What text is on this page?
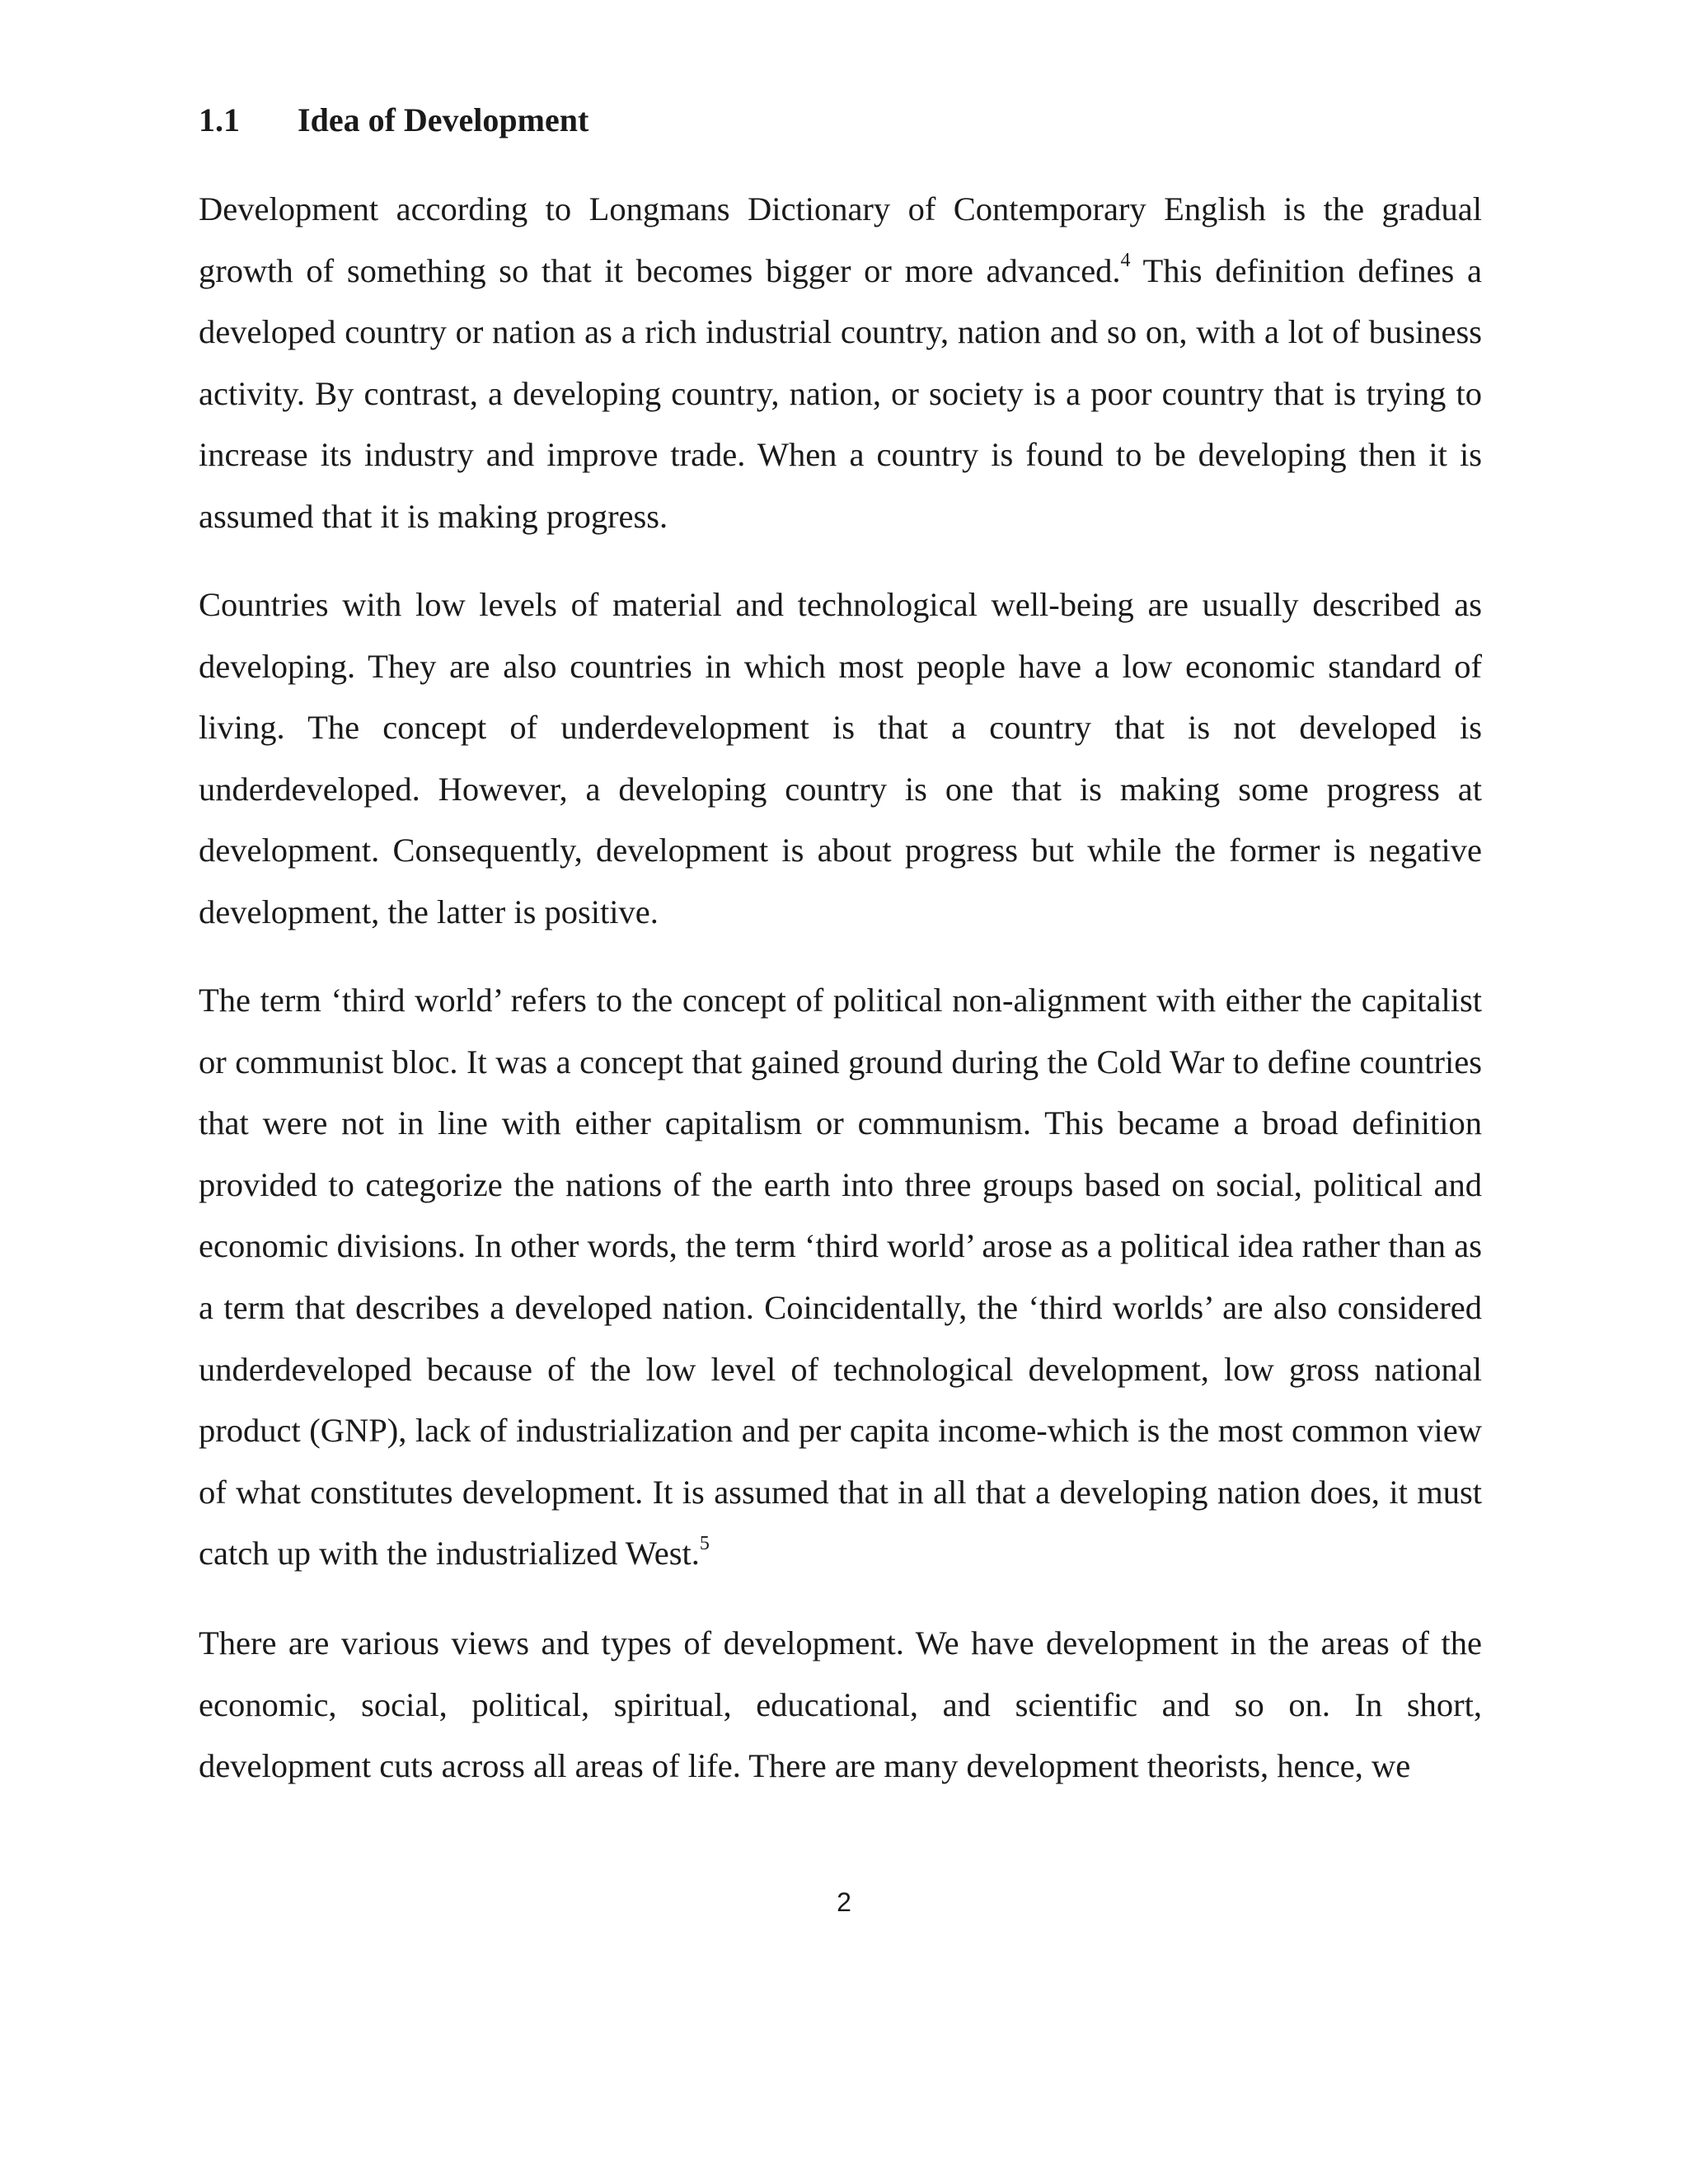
1.1 Idea of Development

Development according to Longmans Dictionary of Contemporary English is the gradual growth of something so that it becomes bigger or more advanced.$^4$ This definition defines a developed country or nation as a rich industrial country, nation and so on, with a lot of business activity. By contrast, a developing country, nation, or society is a poor country that is trying to increase its industry and improve trade. When a country is found to be developing then it is assumed that it is making progress.

Countries with low levels of material and technological well-being are usually described as developing. They are also countries in which most people have a low economic standard of living. The concept of underdevelopment is that a country that is not developed is underdeveloped. However, a developing country is one that is making some progress at development. Consequently, development is about progress but while the former is negative development, the latter is positive.

The term ‘third world’ refers to the concept of political non-alignment with either the capitalist or communist bloc. It was a concept that gained ground during the Cold War to define countries that were not in line with either capitalism or communism. This became a broad definition provided to categorize the nations of the earth into three groups based on social, political and economic divisions. In other words, the term ‘third world’ arose as a political idea rather than as a term that describes a developed nation. Coincidentally, the ‘third worlds’ are also considered underdeveloped because of the low level of technological development, low gross national product (GNP), lack of industrialization and per capita income-which is the most common view of what constitutes development. It is assumed that in all that a developing nation does, it must catch up with the industrialized West.$^5$

There are various views and types of development. We have development in the areas of the economic, social, political, spiritual, educational, and scientific and so on. In short, development cuts across all areas of life. There are many development theorists, hence, we

2
